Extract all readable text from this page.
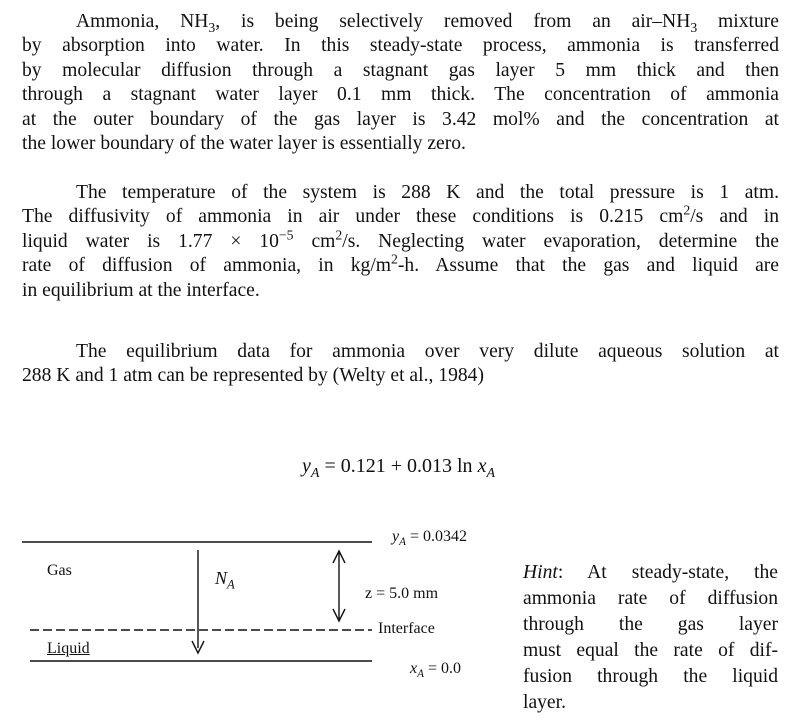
Ammonia, $NH_3$, is being selectively removed from an air–$NH_3$ mixture
by absorption into water. In this steady-state process, ammonia is transferred
by molecular diffusion through a stagnant gas layer 5 mm thick and then
through a stagnant water layer 0.1 mm thick. The concentration of ammonia
at the outer boundary of the gas layer is 3.42 mol% and the concentration at
the lower boundary of the water layer is essentially zero.
The temperature of the system is 288 K and the total pressure is 1 atm.
The diffusivity of ammonia in air under these conditions is 0.215 $cm^2/s$ and in
liquid water is $1.77 \times 10^{-5}$ $cm^2/s$. Neglecting water evaporation, determine the
rate of diffusion of ammonia, in $kg/m^2-h$. Assume that the gas and liquid are
in equilibrium at the interface.
The equilibrium data for ammonia over very dilute aqueous solution at
288 K and 1 atm can be represented by (Welty et al., 1984)
$y_A = 0.121 + 0.013$ $\ln x_A$
$y_A = 0.0342$
Gas	$N_A$
z = 5.0 mm
Interface
Liquid
$x_A = 0.0$
Hint: At steady-state, the
ammonia rate of diffusion
through the gas layer
must equal the rate of dif-
fusion through the liquid
layer.
